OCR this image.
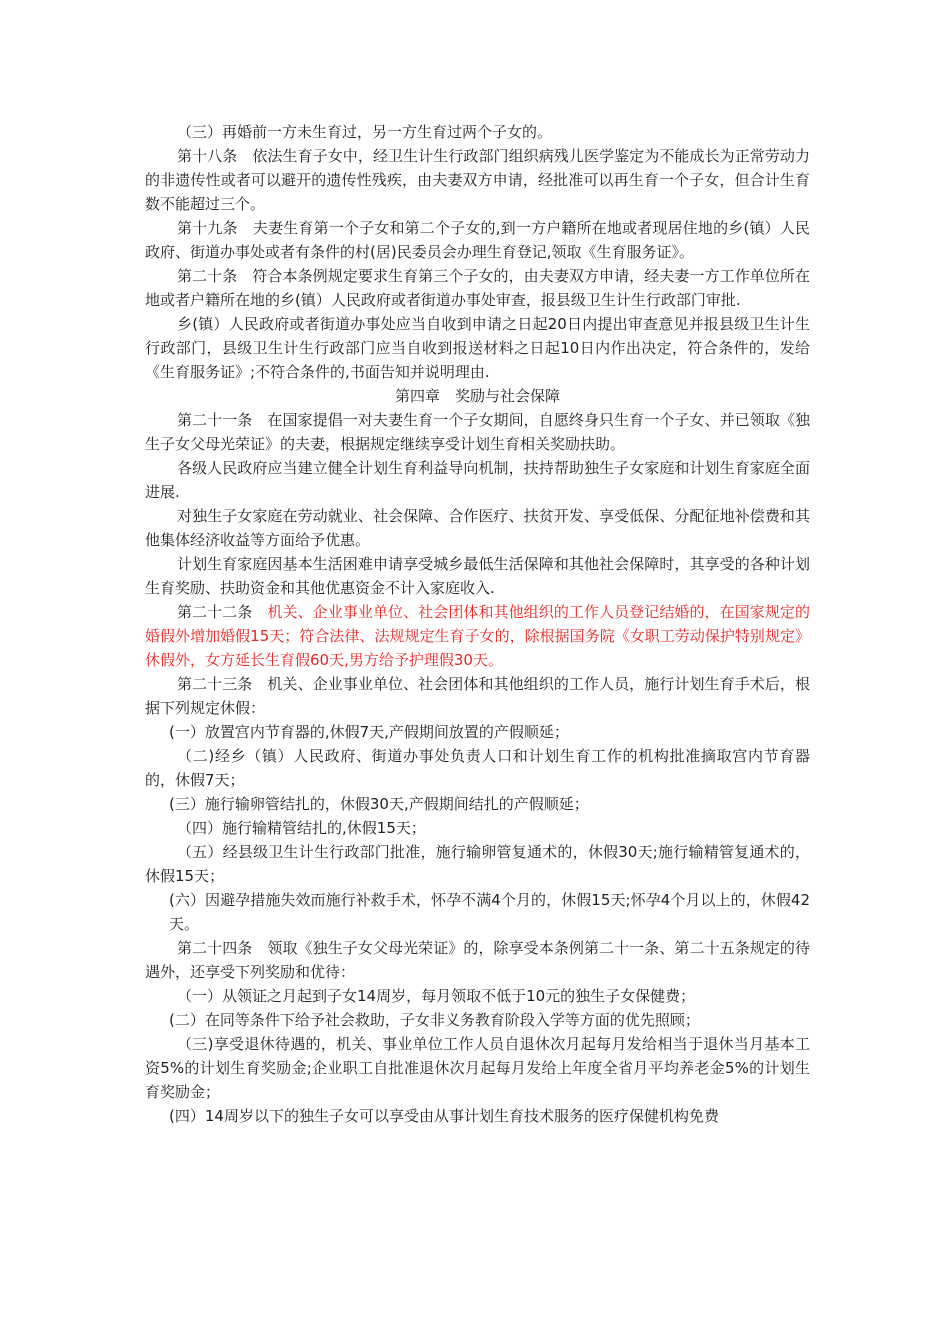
（三）再婚前一方未生育过，另一方生育过两个子女的。

第十八条　依法生育子女中，经卫生计生行政部门组织病残儿医学鉴定为不能成长为正常劳动力的非遗传性或者可以避开的遗传性残疾，由夫妻双方申请，经批准可以再生育一个子女，但合计生育数不能超过三个。

第十九条　夫妻生育第一个子女和第二个子女的,到一方户籍所在地或者现居住地的乡(镇）人民政府、街道办事处或者有条件的村(居)民委员会办理生育登记,领取《生育服务证》。

第二十条　符合本条例规定要求生育第三个子女的，由夫妻双方申请，经夫妻一方工作单位所在地或者户籍所在地的乡(镇）人民政府或者街道办事处审查，报县级卫生计生行政部门审批.

乡(镇）人民政府或者街道办事处应当自收到申请之日起20日内提出审查意见并报县级卫生计生行政部门，县级卫生计生行政部门应当自收到报送材料之日起10日内作出决定，符合条件的，发给《生育服务证》;不符合条件的,书面告知并说明理由.

第四章　奖励与社会保障

第二十一条　在国家提倡一对夫妻生育一个子女期间，自愿终身只生育一个子女、并已领取《独生子女父母光荣证》的夫妻，根据规定继续享受计划生育相关奖励扶助。

各级人民政府应当建立健全计划生育利益导向机制，扶持帮助独生子女家庭和计划生育家庭全面进展.

对独生子女家庭在劳动就业、社会保障、合作医疗、扶贫开发、享受低保、分配征地补偿费和其他集体经济收益等方面给予优惠。

计划生育家庭因基本生活困难申请享受城乡最低生活保障和其他社会保障时，其享受的各种计划生育奖励、扶助资金和其他优惠资金不计入家庭收入.

第二十二条　 机关、企业事业单位、社会团体和其他组织的工作人员登记结婚的，在国家规定的婚假外增加婚假15天；符合法律、法规规定生育子女的，除根据国务院《女职工劳动保护特别规定》休假外，女方延长生育假60天,男方给予护理假30天。

第二十三条　机关、企业事业单位、社会团体和其他组织的工作人员，施行计划生育手术后，根据下列规定休假：

(一）放置宫内节育器的,休假7天,产假期间放置的产假顺延；

（二)经乡（镇）人民政府、街道办事处负责人口和计划生育工作的机构批准摘取宫内节育器的，休假7天；

(三）施行输卵管结扎的，休假30天,产假期间结扎的产假顺延；

（四）施行输精管结扎的,休假15天；

（五）经县级卫生计生行政部门批准，施行输卵管复通术的，休假30天;施行输精管复通术的，休假15天；

(六）因避孕措施失效而施行补救手术，怀孕不满4个月的，休假15天;怀孕4个月以上的，休假42天。

第二十四条　领取《独生子女父母光荣证》的，除享受本条例第二十一条、第二十五条规定的待遇外，还享受下列奖励和优待：

（一）从领证之月起到子女14周岁，每月领取不低于10元的独生子女保健费；

(二）在同等条件下给予社会救助，子女非义务教育阶段入学等方面的优先照顾；

（三)享受退休待遇的，机关、事业单位工作人员自退休次月起每月发给相当于退休当月基本工资5%的计划生育奖励金;企业职工自批准退休次月起每月发给上年度全省月平均养老金5%的计划生育奖励金；

(四）14周岁以下的独生子女可以享受由从事计划生育技术服务的医疗保健机构免费
